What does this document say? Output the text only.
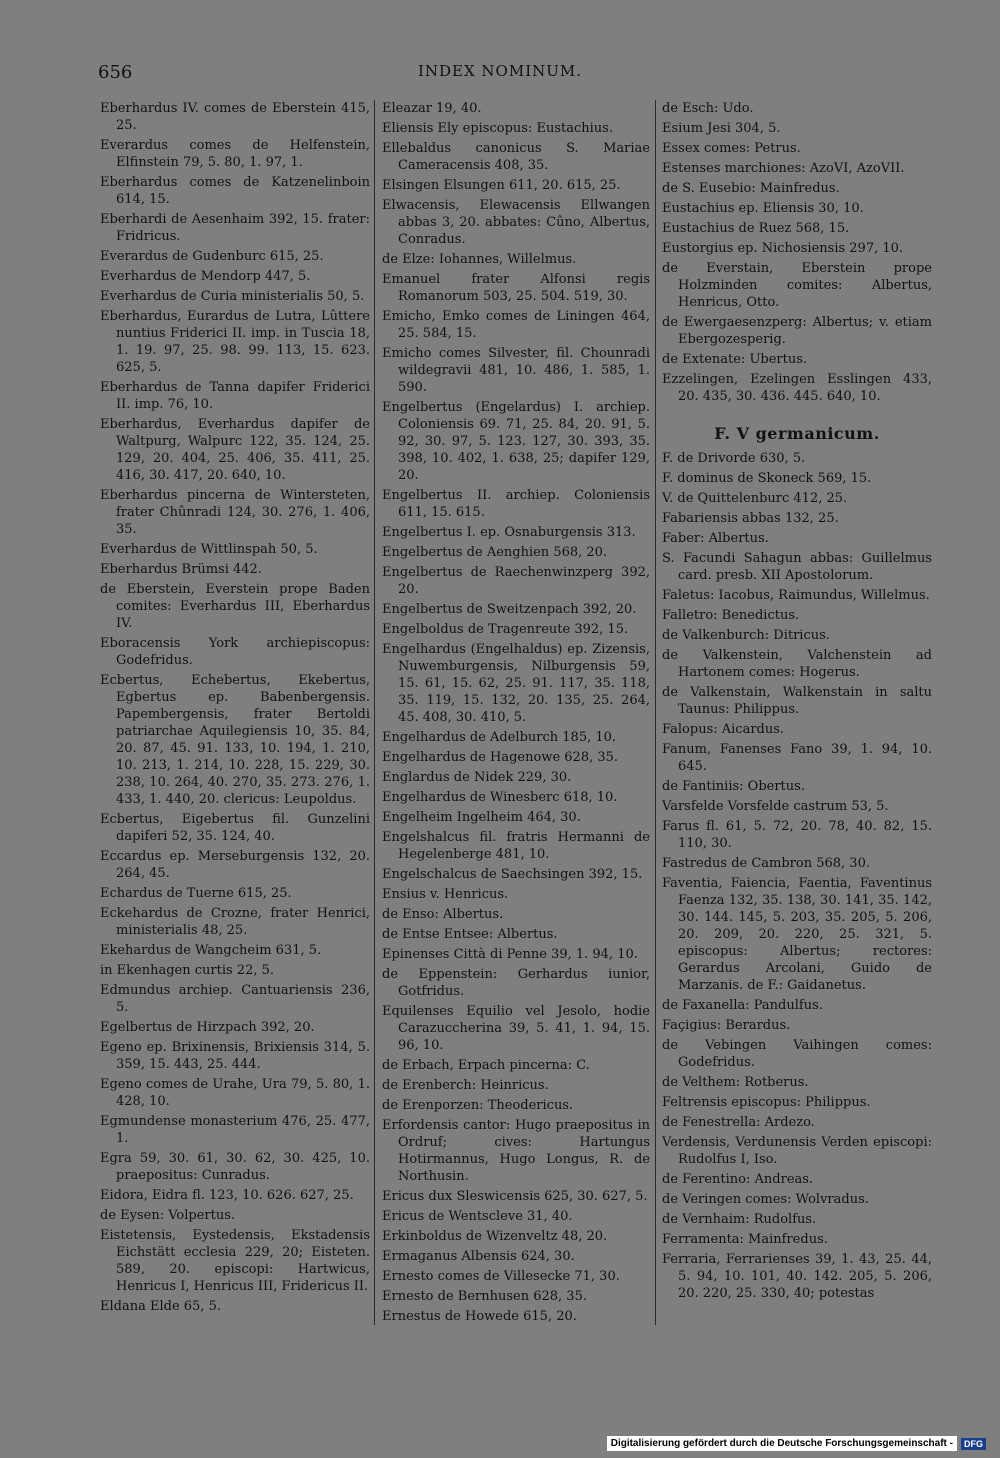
656	INDEX NOMINUM.
Eberhardus IV. comes de Eberstein 415, 25.
Everardus comes de Helfenstein, Elfinstein 79, 5. 80, 1. 97, 1.
Eberhardus comes de Katzenelinboin 614, 15.
Eberhardi de Aesenhaim 392, 15. frater: Fridricus.
Everardus de Gudenburc 615, 25.
Everhardus de Mendorp 447, 5.
Everhardus de Curia ministerialis 50, 5.
Eberhardus, Eurardus de Lutra, Lûttere nuntius Friderici II. imp. in Tuscia 18, 1. 19. 97, 25. 98. 99. 113, 15. 623. 625, 5.
Eberhardus de Tanna dapifer Friderici II. imp. 76, 10.
Eberhardus, Everhardus dapifer de Waltpurg, Walpurc 122, 35. 124, 25. 129, 20. 404, 25. 406, 35. 411, 25. 416, 30. 417, 20. 640, 10.
Eberhardus pincerna de Wintersteten, frater Chûnradi 124, 30. 276, 1. 406, 35.
Everhardus de Wittlinspah 50, 5.
Eberhardus Brümsi 442.
de Eberstein, Everstein prope Baden comites: Everhardus III, Eberhardus IV.
Eboracensis York archiepiscopus: Godefridus.
Ecbertus, Echebertus, Ekebertus, Egbertus ep. Babenbergensis. Papembergensis, frater Bertoldi patriarchae Aquilegiensis 10, 35. 84, 20. 87, 45. 91. 133, 10. 194, 1. 210, 10. 213, 1. 214, 10. 228, 15. 229, 30. 238, 10. 264, 40. 270, 35. 273. 276, 1. 433, 1. 440, 20. clericus: Leupoldus.
Ecbertus, Eigebertus fil. Gunzelini dapiferi 52, 35. 124, 40.
Eccardus ep. Merseburgensis 132, 20. 264, 45.
Echardus de Tuerne 615, 25.
Eckehardus de Crozne, frater Henrici, ministerialis 48, 25.
Ekehardus de Wangcheim 631, 5.
in Ekenhagen curtis 22, 5.
Edmundus archiep. Cantuariensis 236, 5.
Egelbertus de Hirzpach 392, 20.
Egeno ep. Brixinensis, Brixiensis 314, 5. 359, 15. 443, 25. 444.
Egeno comes de Urahe, Ura 79, 5. 80, 1. 428, 10.
Egmundense monasterium 476, 25. 477, 1.
Egra 59, 30. 61, 30. 62, 30. 425, 10. praepositus: Cunradus.
Eidora, Eidra fl. 123, 10. 626. 627, 25.
de Eysen: Volpertus.
Eistetensis, Eystedensis, Ekstadensis Eichstätt ecclesia 229, 20; Eisteten. 589, 20. episcopi: Hartwicus, Henricus I, Henricus III, Fridericus II.
Eldana Elde 65, 5.
Eleazar 19, 40.
Eliensis Ely episcopus: Eustachius.
Ellebaldus canonicus S. Mariae Cameracensis 408, 35.
Elsingen Elsungen 611, 20. 615, 25.
Elwacensis, Elewacensis Ellwangen abbas 3, 20. abbates: Cûno, Albertus, Conradus.
de Elze: Iohannes, Willelmus.
Emanuel frater Alfonsi regis Romanorum 503, 25. 504. 519, 30.
Emicho, Emko comes de Liningen 464, 25. 584, 15.
Emicho comes Silvester, fil. Chounradi wildegravii 481, 10. 486, 1. 585, 1. 590.
Engelbertus (Engelardus) I. archiep. Coloniensis 69. 71, 25. 84, 20. 91, 5. 92, 30. 97, 5. 123. 127, 30. 393, 35. 398, 10. 402, 1. 638, 25; dapifer 129, 20.
Engelbertus II. archiep. Coloniensis 611, 15. 615.
Engelbertus I. ep. Osnaburgensis 313.
Engelbertus de Aenghien 568, 20.
Engelbertus de Raechenwinzperg 392, 20.
Engelbertus de Sweitzenpach 392, 20.
Engelboldus de Tragenreute 392, 15.
Engelhardus (Engelhaldus) ep. Zizensis, Nuwemburgensis, Nilburgensis 59, 15. 61, 15. 62, 25. 91. 117, 35. 118, 35. 119, 15. 132, 20. 135, 25. 264, 45. 408, 30. 410, 5.
Engelhardus de Adelburch 185, 10.
Engelhardus de Hagenowe 628, 35.
Englardus de Nidek 229, 30.
Engelhardus de Winesberc 618, 10.
Engelheim Ingelheim 464, 30.
Engelshalcus fil. fratris Hermanni de Hegelenberge 481, 10.
Engelschalcus de Saechsingen 392, 15.
Ensius v. Henricus.
de Enso: Albertus.
de Entse Entsee: Albertus.
Epinenses Città di Penne 39, 1. 94, 10.
de Eppenstein: Gerhardus iunior, Gotfridus.
Equilenses Equilio vel Jesolo, hodie Carazuccherina 39, 5. 41, 1. 94, 15. 96, 10.
de Erbach, Erpach pincerna: C.
de Erenberch: Heinricus.
de Erenporzen: Theodericus.
Erfordensis cantor: Hugo praepositus in Ordruf; cives: Hartungus Hotirmannus, Hugo Longus, R. de Northusin.
Ericus dux Sleswicensis 625, 30. 627, 5.
Ericus de Wentscleve 31, 40.
Erkinboldus de Wizenveltz 48, 20.
Ermaganus Albensis 624, 30.
Ernesto comes de Villesecke 71, 30.
Ernesto de Bernhusen 628, 35.
Ernestus de Howede 615, 20.
de Esch: Udo.
Esium Jesi 304, 5.
Essex comes: Petrus.
Estenses marchiones: AzoVI, AzoVII.
de S. Eusebio: Mainfredus.
Eustachius ep. Eliensis 30, 10.
Eustachius de Ruez 568, 15.
Eustorgius ep. Nichosiensis 297, 10.
de Everstain, Eberstein prope Holzminden comites: Albertus, Henricus, Otto.
de Ewergaesenzperg: Albertus; v. etiam Ebergozesperig.
de Extenate: Ubertus.
Ezzelingen, Ezelingen Esslingen 433, 20. 435, 30. 436. 445. 640, 10.
F. V germanicum.
F. de Drivorde 630, 5.
F. dominus de Skoneck 569, 15.
V. de Quittelenburc 412, 25.
Fabariensis abbas 132, 25.
Faber: Albertus.
S. Facundi Sahagun abbas: Guillelmus card. presb. XII Apostolorum.
Faletus: Iacobus, Raimundus, Willelmus.
Falletro: Benedictus.
de Valkenburch: Ditricus.
de Valkenstein, Valchenstein ad Hartonem comes: Hogerus.
de Valkenstain, Walkenstain in saltu Taunus: Philippus.
Falopus: Aicardus.
Fanum, Fanenses Fano 39, 1. 94, 10. 645.
de Fantiniis: Obertus.
Varsfelde Vorsfelde castrum 53, 5.
Farus fl. 61, 5. 72, 20. 78, 40. 82, 15. 110, 30.
Fastredus de Cambron 568, 30.
Faventia, Faiencia, Faentia, Faventinus Faenza 132, 35. 138, 30. 141, 35. 142, 30. 144. 145, 5. 203, 35. 205, 5. 206, 20. 209, 20. 220, 25. 321, 5. episcopus: Albertus; rectores: Gerardus Arcolani, Guido de Marzanis. de F.: Gaidanetus.
de Faxanella: Pandulfus.
Façigius: Berardus.
de Vebingen Vaihingen comes: Godefridus.
de Velthem: Rotberus.
Feltrensis episcopus: Philippus.
de Fenestrella: Ardezo.
Verdensis, Verdunensis Verden episcopi: Rudolfus I, Iso.
de Ferentino: Andreas.
de Veringen comes: Wolvradus.
de Vernhaim: Rudolfus.
Ferramenta: Mainfredus.
Ferraria, Ferrarienses 39, 1. 43, 25. 44, 5. 94, 10. 101, 40. 142. 205, 5. 206, 20. 220, 25. 330, 40; potestas
Digitalisierung gefördert durch die Deutsche Forschungsgemeinschaft -	DFG
